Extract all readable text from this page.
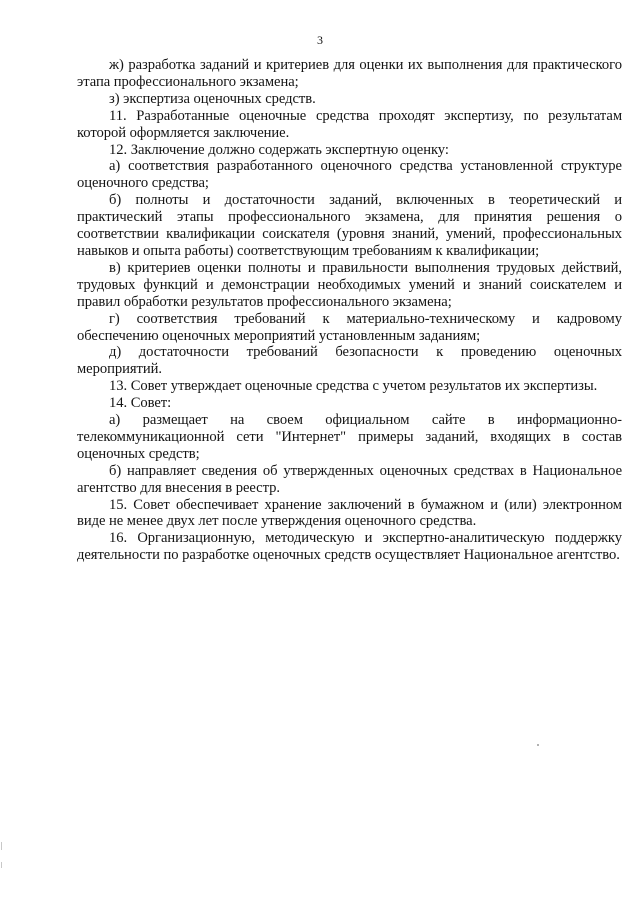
3

ж) разработка заданий и критериев для оценки их выполнения для практического этапа профессионального экзамена;

з) экспертиза оценочных средств.

11. Разработанные оценочные средства проходят экспертизу, по результатам которой оформляется заключение.

12. Заключение должно содержать экспертную оценку:

а) соответствия разработанного оценочного средства установленной структуре оценочного средства;

б) полноты и достаточности заданий, включенных в теоретический и практический этапы профессионального экзамена, для принятия решения о соответствии квалификации соискателя (уровня знаний, умений, профессиональных навыков и опыта работы) соответствующим требованиям к квалификации;

в) критериев оценки полноты и правильности выполнения трудовых действий, трудовых функций и демонстрации необходимых умений и знаний соискателем и правил обработки результатов профессионального экзамена;

г) соответствия требований к материально-техническому и кадровому обеспечению оценочных мероприятий установленным заданиям;

д) достаточности требований безопасности к проведению оценочных мероприятий.

13. Совет утверждает оценочные средства с учетом результатов их экспертизы.

14. Совет:

а) размещает на своем официальном сайте в информационно-телекоммуникационной сети "Интернет" примеры заданий, входящих в состав оценочных средств;

б) направляет сведения об утвержденных оценочных средствах в Национальное агентство для внесения в реестр.

15. Совет обеспечивает хранение заключений в бумажном и (или) электронном виде не менее двух лет после утверждения оценочного средства.

16. Организационную, методическую и экспертно-аналитическую поддержку деятельности по разработке оценочных средств осуществляет Национальное агентство.
